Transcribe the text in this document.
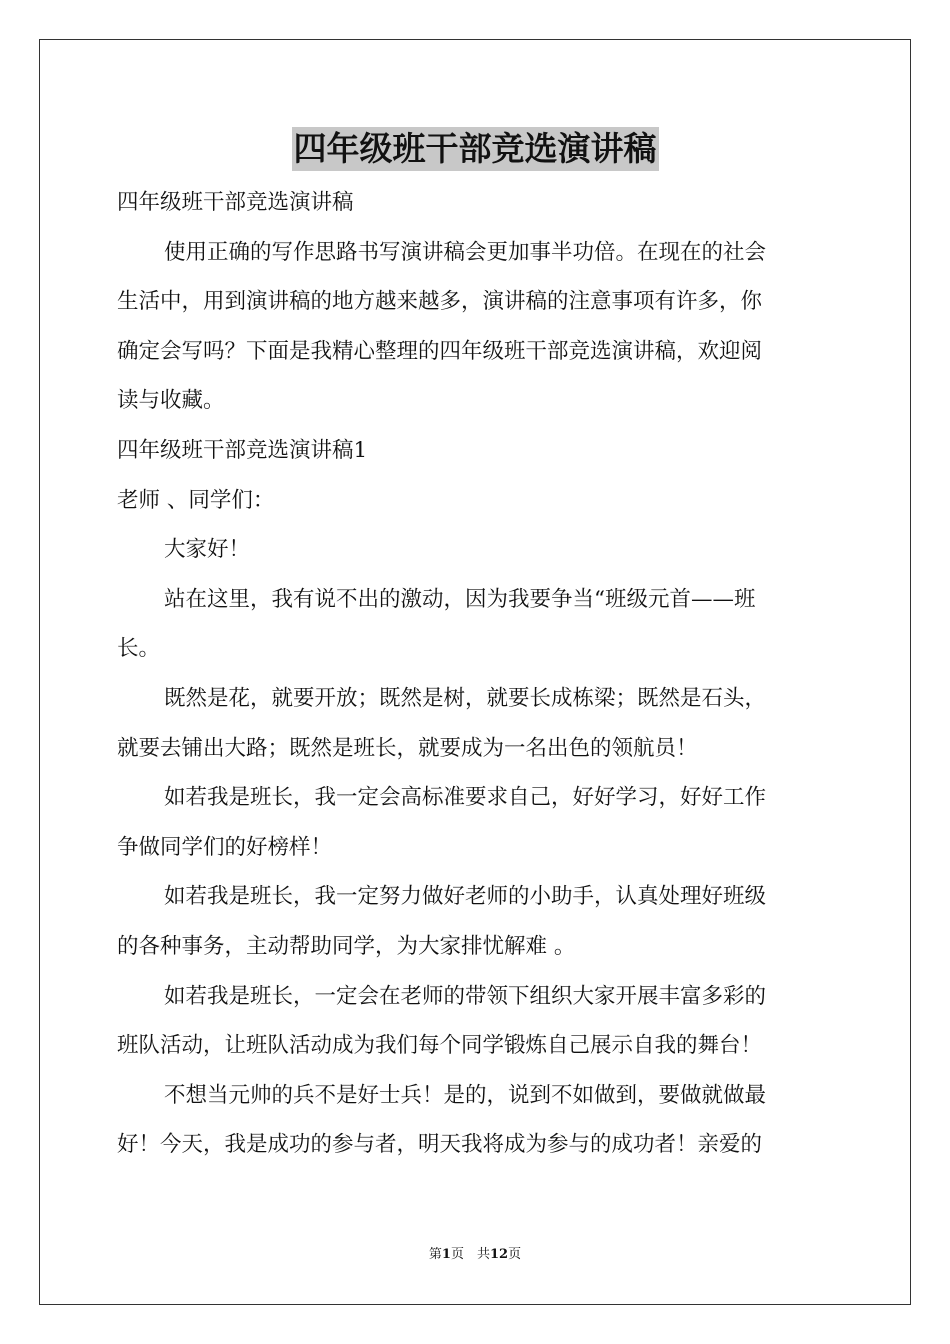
四年级班干部竞选演讲稿
四年级班干部竞选演讲稿
使用正确的写作思路书写演讲稿会更加事半功倍。在现在的社会
生活中，用到演讲稿的地方越来越多，演讲稿的注意事项有许多，你
确定会写吗？下面是我精心整理的四年级班干部竞选演讲稿，欢迎阅
读与收藏。
四年级班干部竞选演讲稿1
老师 、同学们：
大家好！
站在这里，我有说不出的激动，因为我要争当“班级元首——班
长。
既然是花，就要开放；既然是树，就要长成栋梁；既然是石头，
就要去铺出大路；既然是班长，就要成为一名出色的领航员！
如若我是班长，我一定会高标准要求自己，好好学习，好好工作
争做同学们的好榜样！
如若我是班长，我一定努力做好老师的小助手，认真处理好班级
的各种事务，主动帮助同学，为大家排忧解难 。
如若我是班长，一定会在老师的带领下组织大家开展丰富多彩的
班队活动，让班队活动成为我们每个同学锻炼自己展示自我的舞台！
不想当元帅的兵不是好士兵！是的，说到不如做到，要做就做最
好！今天，我是成功的参与者，明天我将成为参与的成功者！亲爱的
第1页　共12页
